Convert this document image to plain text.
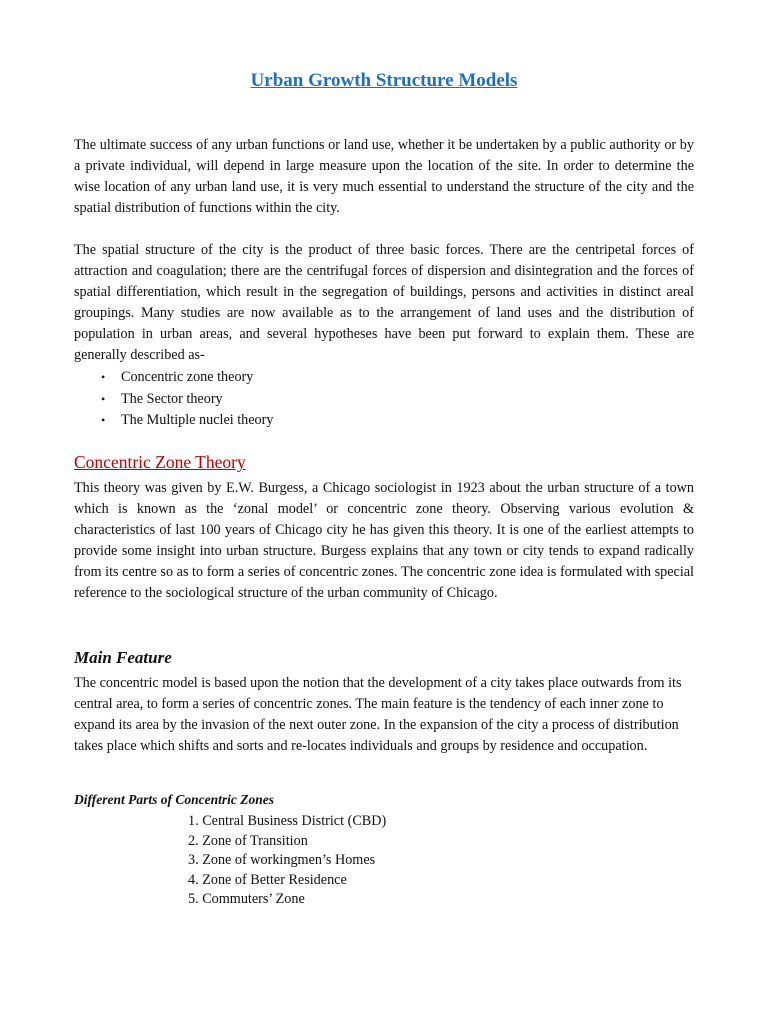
Urban Growth Structure Models

The ultimate success of any urban functions or land use, whether it be undertaken by a public authority or by a private individual, will depend in large measure upon the location of the site. In order to determine the wise location of any urban land use, it is very much essential to understand the structure of the city and the spatial distribution of functions within the city.

The spatial structure of the city is the product of three basic forces. There are the centripetal forces of attraction and coagulation; there are the centrifugal forces of dispersion and disintegration and the forces of spatial differentiation, which result in the segregation of buildings, persons and activities in distinct areal groupings. Many studies are now available as to the arrangement of land uses and the distribution of population in urban areas, and several hypotheses have been put forward to explain them. These are generally described as-

• Concentric zone theory
• The Sector theory
• The Multiple nuclei theory
Concentric Zone Theory

This theory was given by E.W. Burgess, a Chicago sociologist in 1923 about the urban structure of a town which is known as the ‘zonal model’ or concentric zone theory. Observing various evolution & characteristics of last 100 years of Chicago city he has given this theory. It is one of the earliest attempts to provide some insight into urban structure. Burgess explains that any town or city tends to expand radically from its centre so as to form a series of concentric zones. The concentric zone idea is formulated with special reference to the sociological structure of the urban community of Chicago.

Main Feature

The concentric model is based upon the notion that the development of a city takes place outwards from its central area, to form a series of concentric zones. The main feature is the tendency of each inner zone to expand its area by the invasion of the next outer zone. In the expansion of the city a process of distribution takes place which shifts and sorts and re-locates individuals and groups by residence and occupation.

Different Parts of Concentric Zones
1. Central Business District (CBD)
2. Zone of Transition
3. Zone of workingmen’s Homes
4. Zone of Better Residence
5. Commuters’ Zone
